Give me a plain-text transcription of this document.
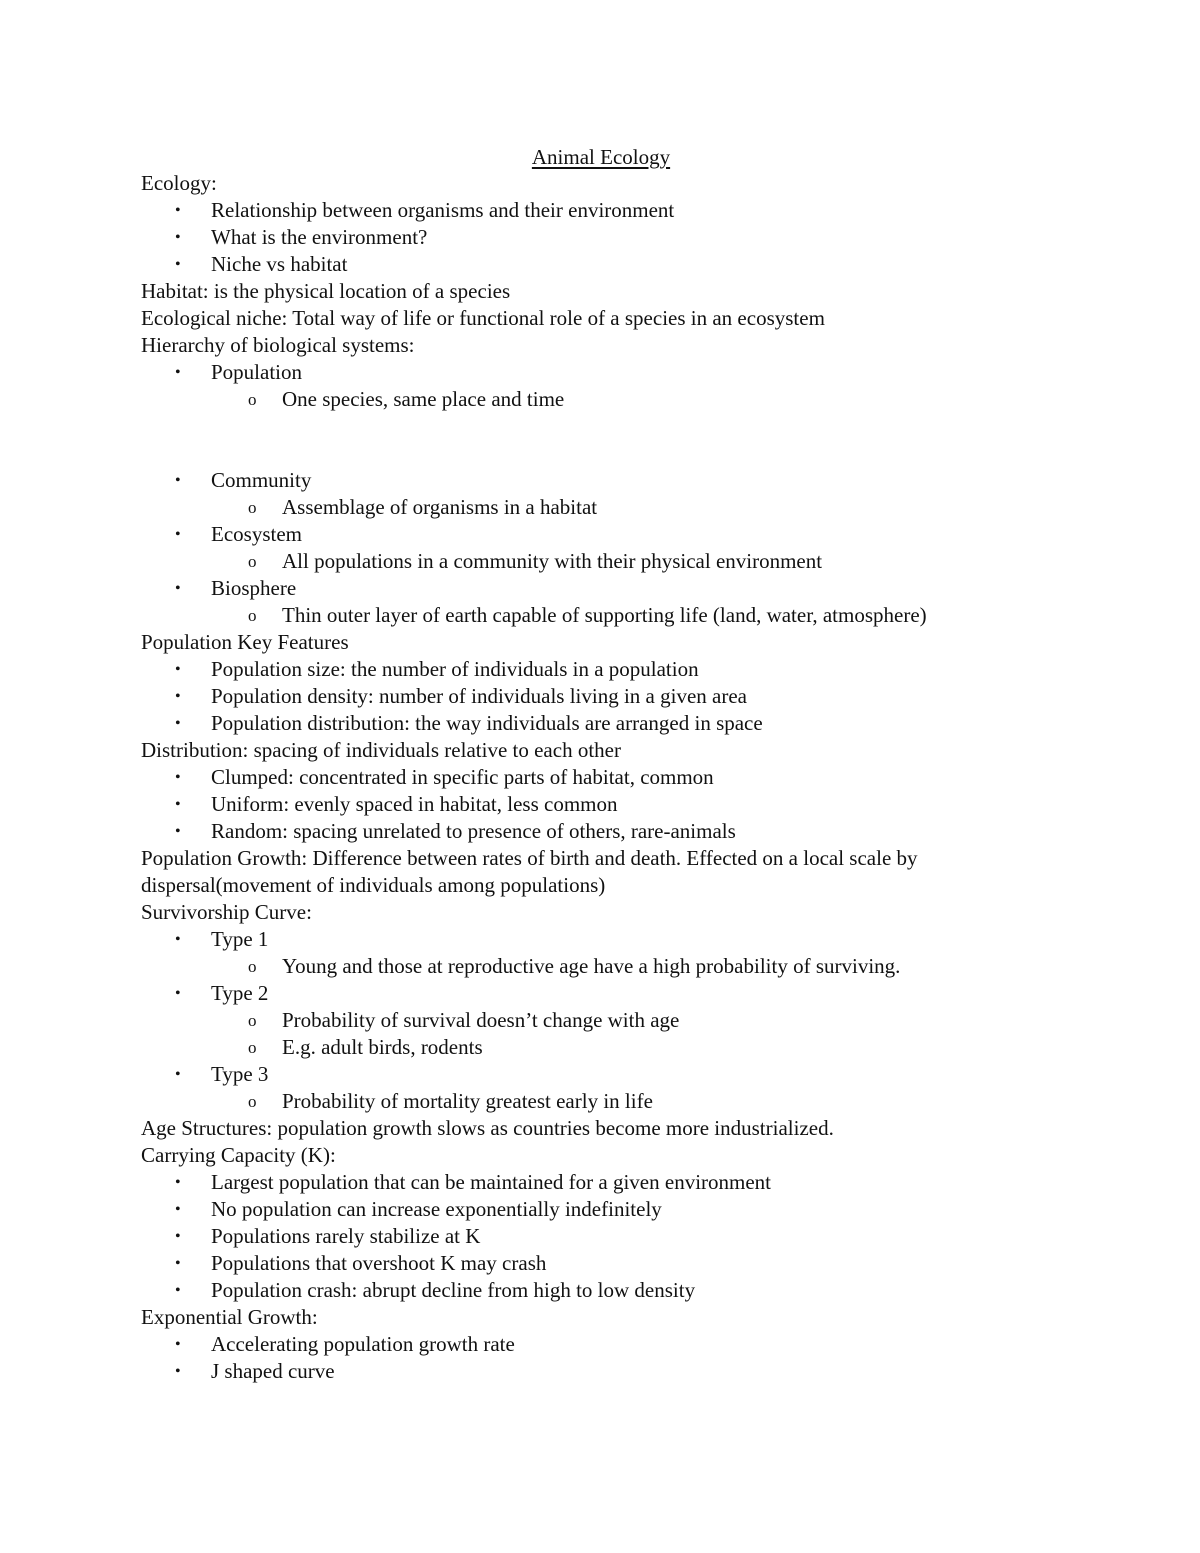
Animal Ecology
Ecology:
• Relationship between organisms and their environment
• What is the environment?
• Niche vs habitat
Habitat: is the physical location of a species
Ecological niche: Total way of life or functional role of a species in an ecosystem
Hierarchy of biological systems:
• Population
o One species, same place and time
• Community
o Assemblage of organisms in a habitat
• Ecosystem
o All populations in a community with their physical environment
• Biosphere
o Thin outer layer of earth capable of supporting life (land, water, atmosphere)
Population Key Features
• Population size: the number of individuals in a population
• Population density: number of individuals living in a given area
• Population distribution: the way individuals are arranged in space
Distribution: spacing of individuals relative to each other
• Clumped: concentrated in specific parts of habitat, common
• Uniform: evenly spaced in habitat, less common
• Random: spacing unrelated to presence of others, rare-animals
Population Growth: Difference between rates of birth and death. Effected on a local scale by dispersal(movement of individuals among populations)
Survivorship Curve:
• Type 1
o Young and those at reproductive age have a high probability of surviving.
• Type 2
o Probability of survival doesn’t change with age
o E.g. adult birds, rodents
• Type 3
o Probability of mortality greatest early in life
Age Structures: population growth slows as countries become more industrialized.
Carrying Capacity (K):
• Largest population that can be maintained for a given environment
• No population can increase exponentially indefinitely
• Populations rarely stabilize at K
• Populations that overshoot K may crash
• Population crash: abrupt decline from high to low density
Exponential Growth:
• Accelerating population growth rate
• J shaped curve
